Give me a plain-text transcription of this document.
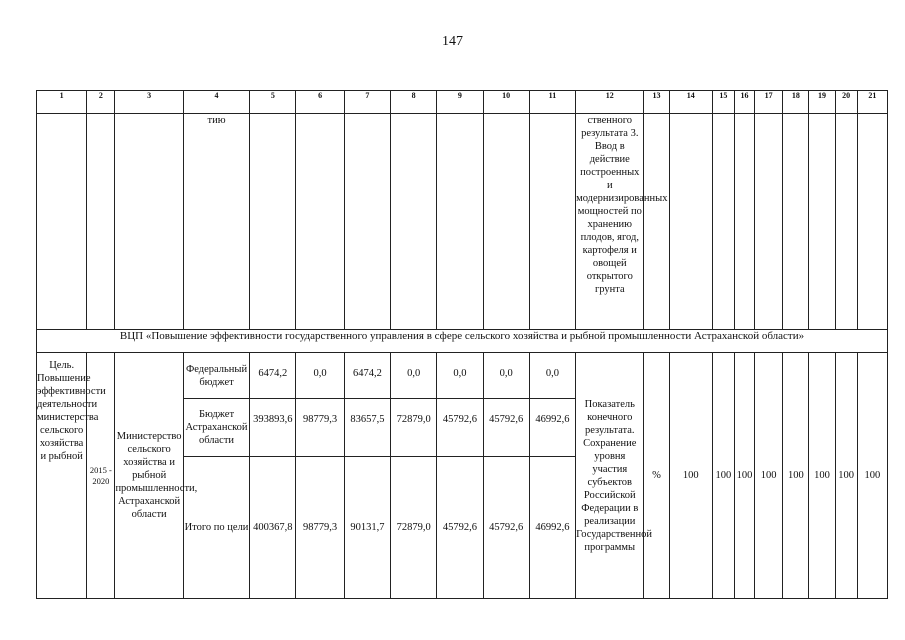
147
1	2	3	4	5	6	7	8	9	10	11	12	13	14	15	16	17	18	19	20	21
			тию								ственного результата 3. Ввод в действие построенных и модернизированных мощностей по хранению плодов, ягод, картофеля и овощей открытого грунта									
ВЦП «Повышение эффективности государственного управления в сфере сельского хозяйства и рыбной промышленности Астраханской области»																				
Цель. Повышение эффективности деятельности министерства сельского хозяйства и рыбной	2015 - 2020	Министерство сельского хозяйства и рыбной промышленности, Астраханской области	Федеральный бюджет	6474,2	0,0	6474,2	0,0	0,0	0,0	0,0	Показатель конечного результата. Сохранение уровня участия субъектов Российской Федерации в реализации Государственной программы	%	100	100	100	100	100	100	100	100
			Бюджет Астраханской области	393893,6	98779,3	83657,5	72879,0	45792,6	45792,6	46992,6										
			Итого по цели	400367,8	98779,3	90131,7	72879,0	45792,6	45792,6	46992,6										
